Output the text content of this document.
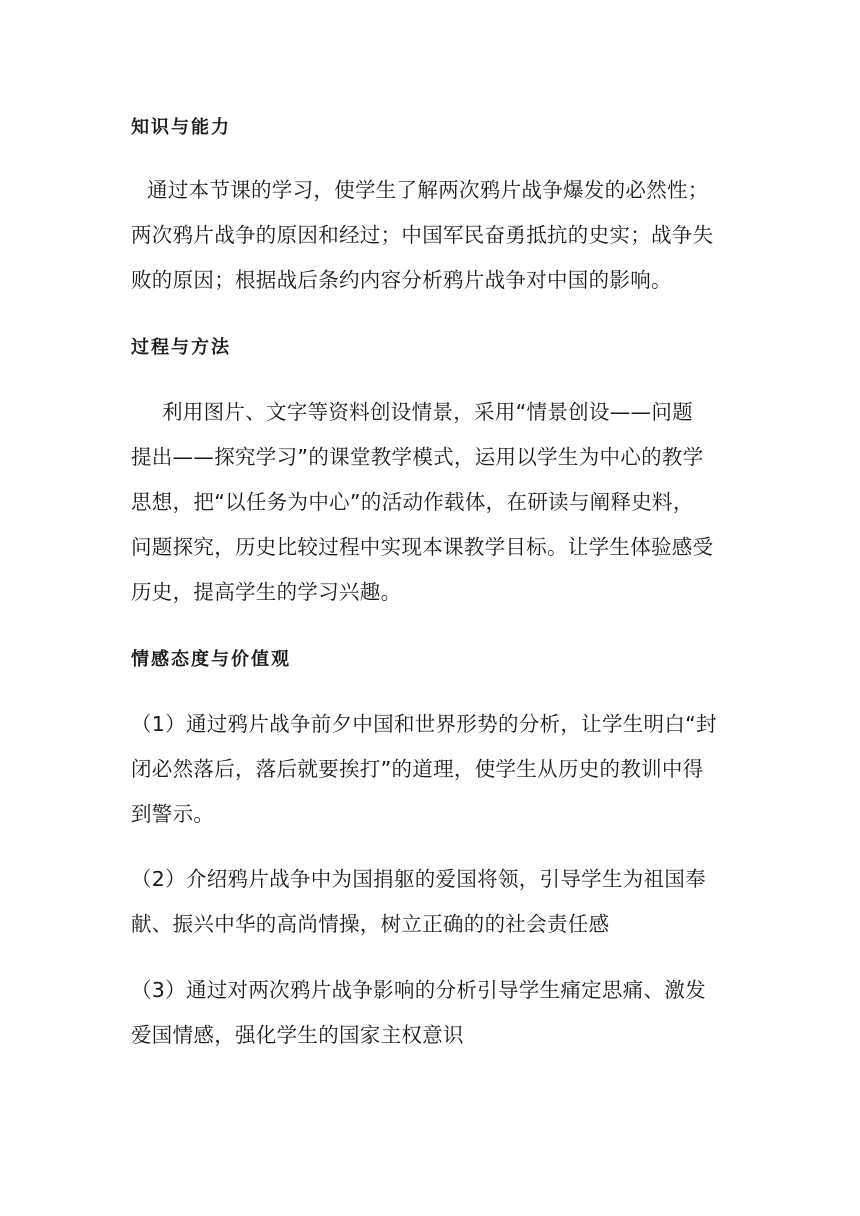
知识与能力
通过本节课的学习，使学生了解两次鸦片战争爆发的必然性；
两次鸦片战争的原因和经过；中国军民奋勇抵抗的史实；战争失
败的原因；根据战后条约内容分析鸦片战争对中国的影响。
过程与方法
利用图片、文字等资料创设情景，采用“情景创设——问题
提出——探究学习”的课堂教学模式，运用以学生为中心的教学
思想，把“以任务为中心”的活动作载体，在研读与阐释史料，
问题探究，历史比较过程中实现本课教学目标。让学生体验感受
历史，提高学生的学习兴趣。
情感态度与价值观
（1）通过鸦片战争前夕中国和世界形势的分析，让学生明白“封
闭必然落后，落后就要挨打”的道理，使学生从历史的教训中得
到警示。
（2）介绍鸦片战争中为国捐躯的爱国将领，引导学生为祖国奉
献、振兴中华的高尚情操，树立正确的的社会责任感
（3）通过对两次鸦片战争影响的分析引导学生痛定思痛、激发
爱国情感，强化学生的国家主权意识
